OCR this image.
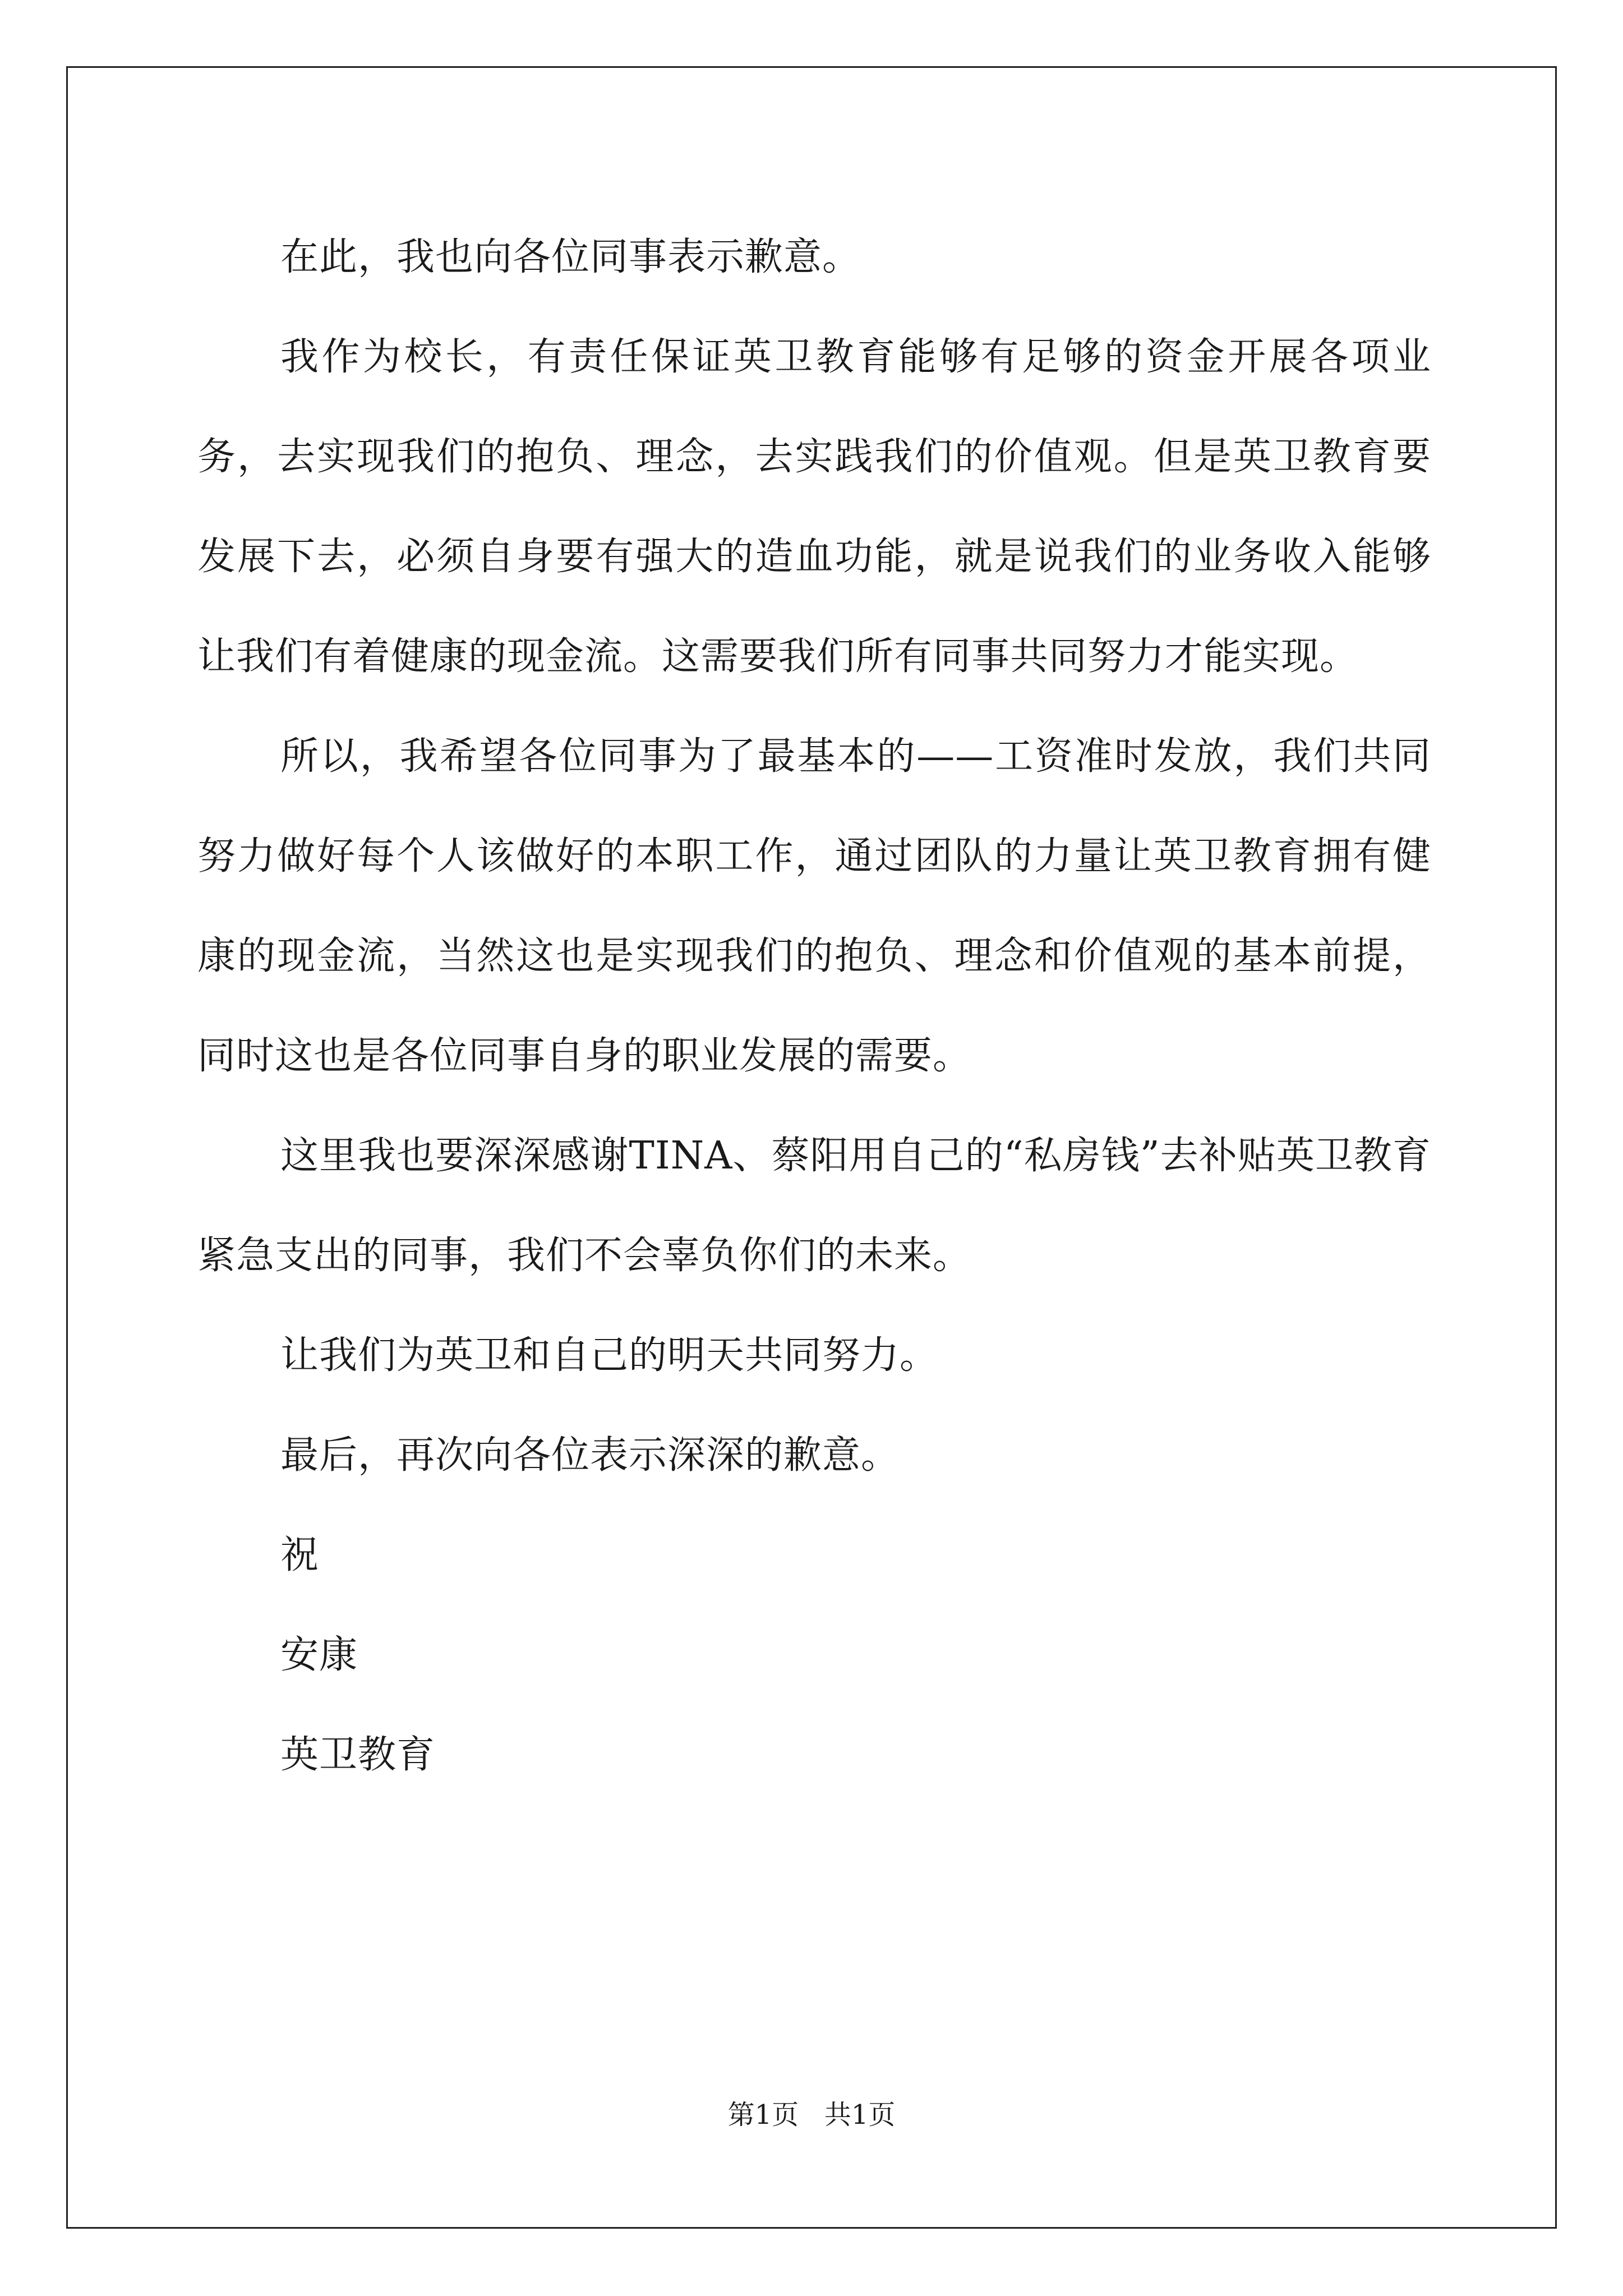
在此，我也向各位同事表示歉意。

我作为校长，有责任保证英卫教育能够有足够的资金开展各项业务，去实现我们的抱负、理念，去实践我们的价值观。但是英卫教育要发展下去，必须自身要有强大的造血功能，就是说我们的业务收入能够让我们有着健康的现金流。这需要我们所有同事共同努力才能实现。

所以，我希望各位同事为了最基本的——工资准时发放，我们共同努力做好每个人该做好的本职工作，通过团队的力量让英卫教育拥有健康的现金流，当然这也是实现我们的抱负、理念和价值观的基本前提，同时这也是各位同事自身的职业发展的需要。

这里我也要深深感谢TINA、蔡阳用自己的“私房钱”去补贴英卫教育紧急支出的同事，我们不会辜负你们的未来。

让我们为英卫和自己的明天共同努力。

最后，再次向各位表示深深的歉意。

祝

安康

英卫教育

第1页   共1页
